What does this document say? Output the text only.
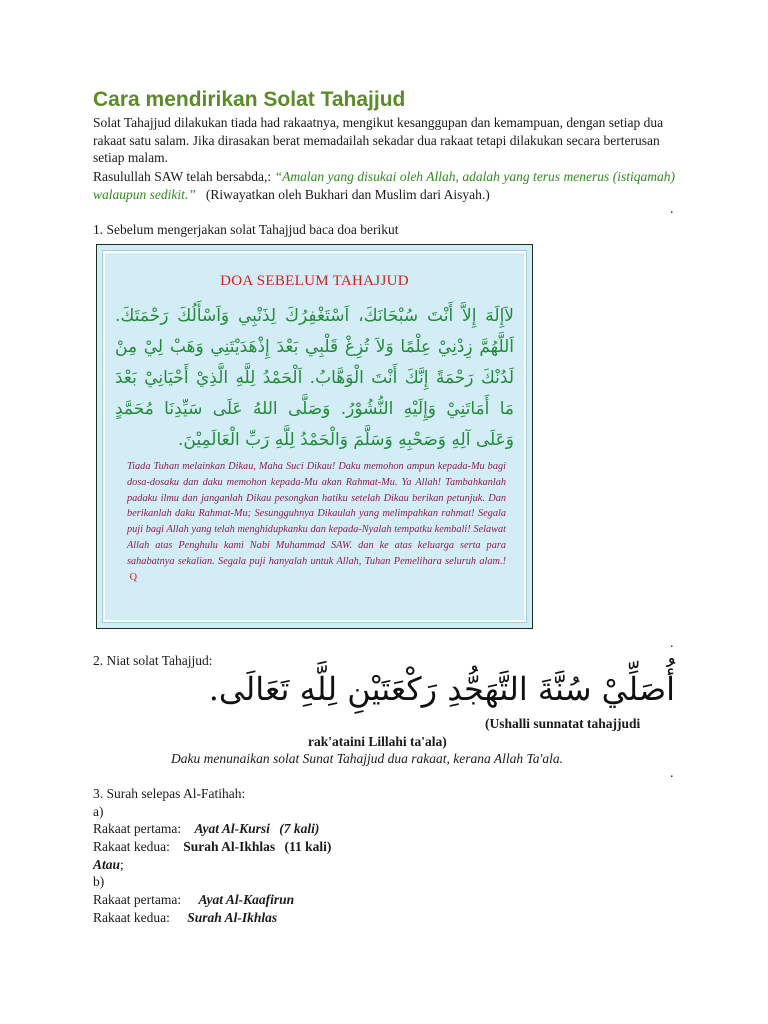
Cara mendirikan Solat Tahajjud
Solat Tahajjud dilakukan tiada had rakaatnya, mengikut kesanggupan dan kemampuan, dengan setiap dua rakaat satu salam. Jika dirasakan berat memadailah sekadar dua rakaat tetapi dilakukan secara berterusan setiap malam.
Rasulullah SAW telah bersabda,: “Amalan yang disukai oleh Allah, adalah yang terus menerus (istiqamah) walaupun sedikit.” (Riwayatkan oleh Bukhari dan Muslim dari Aisyah.)
.
1. Sebelum mengerjakan solat Tahajjud baca doa berikut
DOA SEBELUM TAHAJJUD
لاَإِلَهَ إِلاَّ أَنْتَ سُبْحَانَكَ، اَسْتَغْفِرُكَ لِذَنْبِي وَاَسْأَلُكَ رَحْمَتَكَ. اَللَّهُمَّ زِدْنِيْ عِلْمًا وَلاَ تُزِغْ قَلْبِي بَعْدَ إِذْهَدَيْتَنِي وَهَبْ لِيْ مِنْ لَدُنْكَ رَحْمَةً إِنَّكَ أَنْتَ الْوَهَّابُ. اَلْحَمْدُ لِلَّهِ الَّذِيْ أَحْيَانِيْ بَعْدَ مَا أَمَاتَنِيْ وَإِلَيْهِ النُّشُوْرُ. وَصَلَّى اللهُ عَلَى سَيِّدِنَا مُحَمَّدٍ وَعَلَى آلِهِ وَصَحْبِهِ وَسَلَّمَ وَالْحَمْدُ لِلَّهِ رَبِّ الْعَالَمِيْنَ.
Tiada Tuhan melainkan Dikau, Maha Suci Dikau! Daku memohon ampun kepada-Mu bagi dosa-dosaku dan daku memohon kepada-Mu akan Rahmat-Mu. Ya Allah! Tambahkanlah padaku ilmu dan janganlah Dikau pesongkan hatiku setelah Dikau berikan petunjuk. Dan berikanlah daku Rahmat-Mu; Sesungguhnya Dikaulah yang melimpahkan rahmat! Segala puji bagi Allah yang telah menghidupkanku dan kepada-Nyalah tempatku kembali! Selawat Allah atas Penghulu kami Nabi Muhammad SAW. dan ke atas keluarga serta para sahabatnya sekalian. Segala puji hanyalah untuk Allah, Tuhan Pemelihara seluruh alam.!  Q
.
2. Niat solat Tahajjud:
أُصَلِّيْ سُنَّةَ التَّهَجُّدِ رَكْعَتَيْنِ لِلَّهِ تَعَالَى.
(Ushalli sunnatat tahajjudi
rak'ataini Lillahi ta'ala)
Daku menunaikan solat Sunat Tahajjud dua rakaat, kerana Allah Ta'ala.
.
3. Surah selepas Al-Fatihah:
a)
Rakaat pertama: Ayat Al-Kursi (7 kali)
Rakaat kedua: Surah Al-Ikhlas (11 kali)
Atau;
b)
Rakaat pertama: Ayat Al-Kaafirun
Rakaat kedua: Surah Al-Ikhlas
